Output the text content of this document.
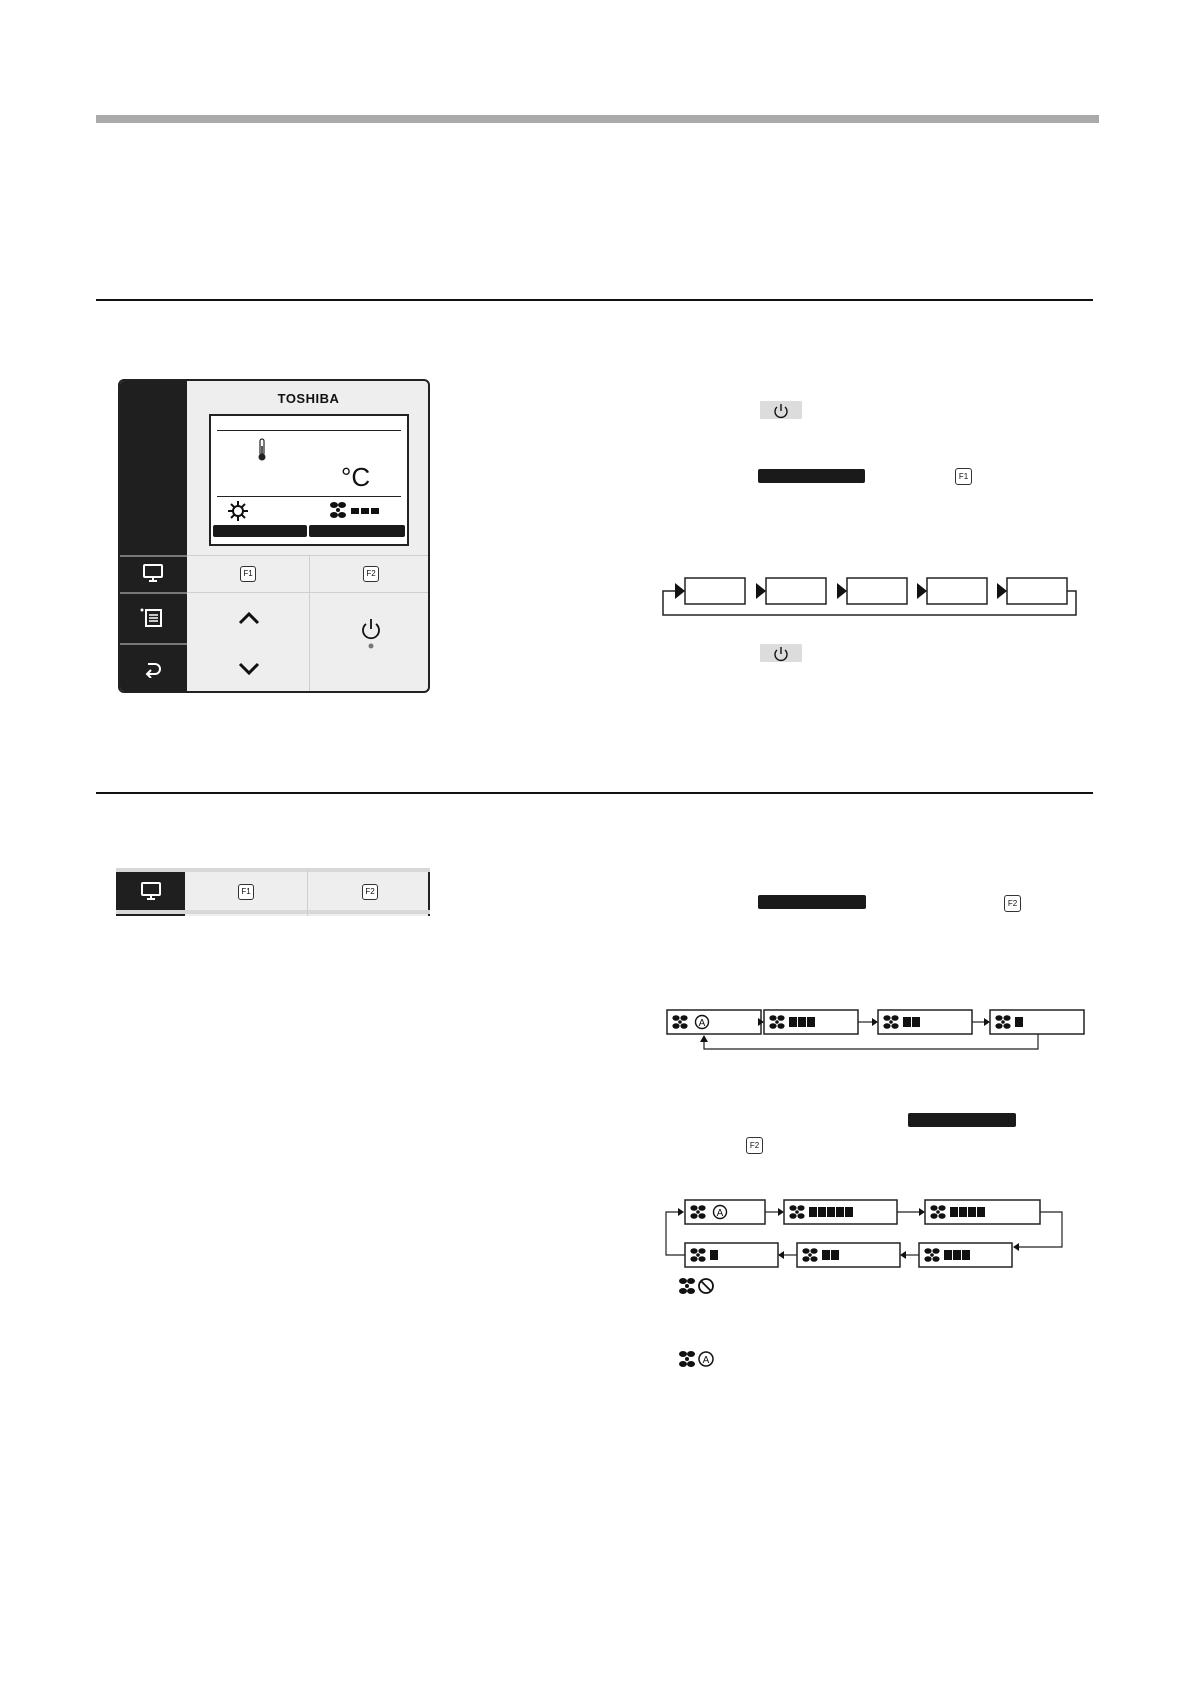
TOSHIBA
°C
F1	F2
F1	F2
F1
F2
A
F2
A
A
